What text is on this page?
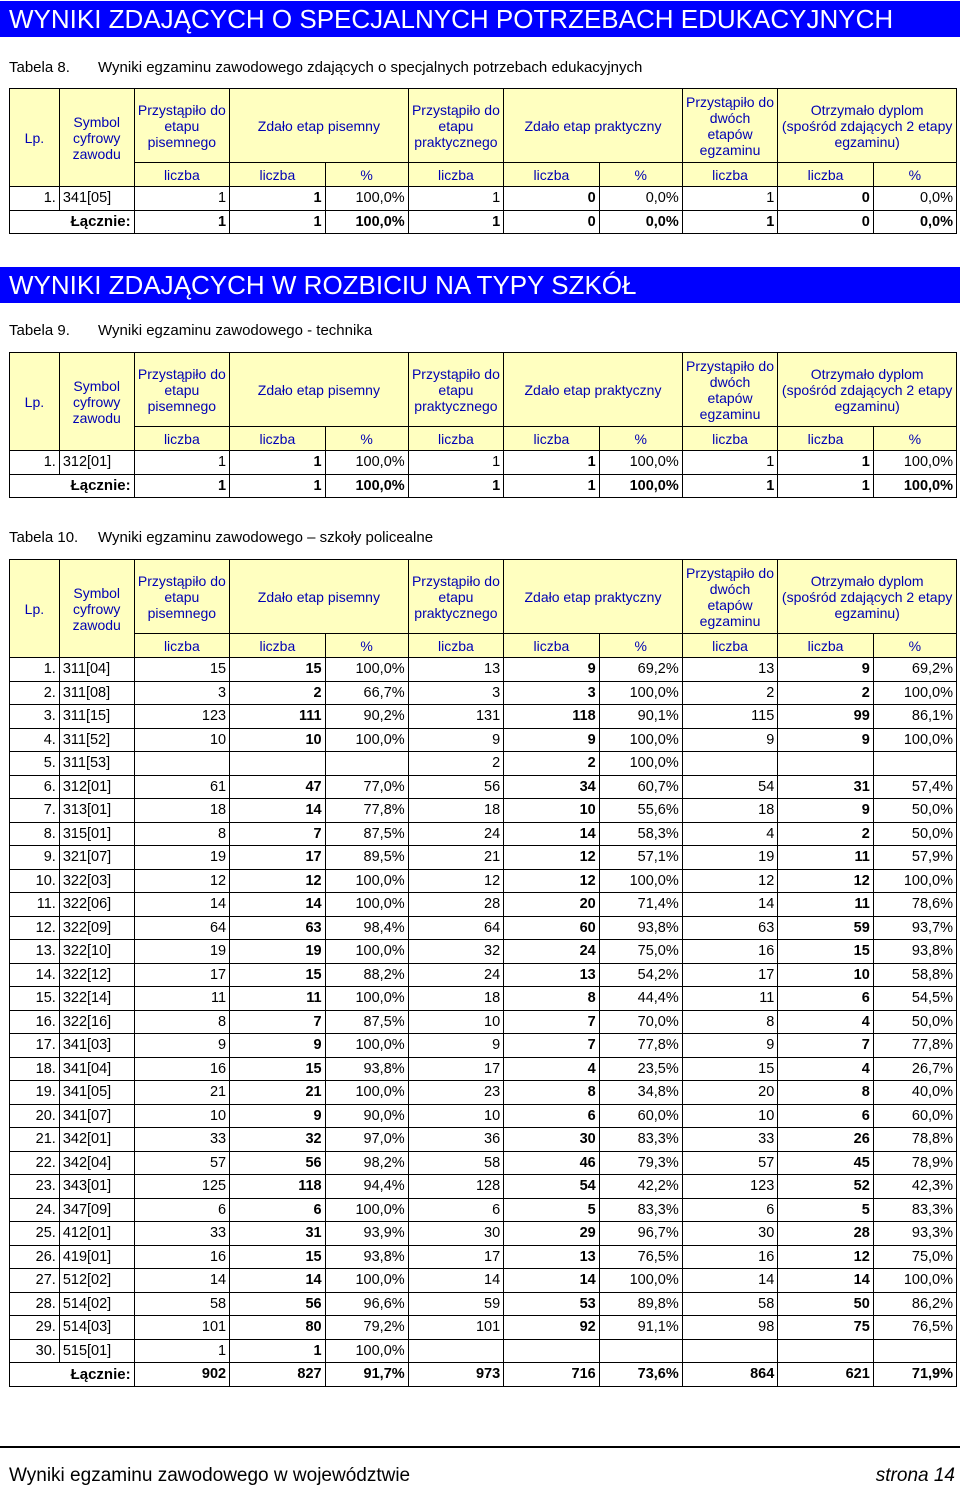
WYNIKI ZDAJĄCYCH O SPECJALNYCH POTRZEBACH EDUKACYJNYCH
Tabela 8. Wyniki egzaminu zawodowego zdających o specjalnych potrzebach edukacyjnych
Lp.	Symbol cyfrowy zawodu	Przystąpiło do etapu pisemnego	Zdało etap pisemny		Przystąpiło do etapu praktycznego	Zdało etap praktyczny		Przystąpiło do dwóch etapów egzaminu	Otrzymało dyplom
(spośród zdających 2 etapy egzaminu)	

		liczba	liczba	%	liczba	liczba	%	liczba	liczba	%
1.	341[05]	1	1	100,0%	1	0	0,0%	1	0	0,0%
Łącznie:		1	1	100,0%	1	0	0,0%	1	0	0,0%
WYNIKI ZDAJĄCYCH W ROZBICIU NA TYPY SZKÓŁ
Tabela 9. Wyniki egzaminu zawodowego - technika
Lp.	Symbol cyfrowy zawodu	Przystąpiło do etapu pisemnego	Zdało etap pisemny		Przystąpiło do etapu praktycznego	Zdało etap praktyczny		Przystąpiło do dwóch etapów egzaminu	Otrzymało dyplom
(spośród zdających 2 etapy egzaminu)	

		liczba	liczba	%	liczba	liczba	%	liczba	liczba	%
1.	312[01]	1	1	100,0%	1	1	100,0%	1	1	100,0%
Łącznie:		1	1	100,0%	1	1	100,0%	1	1	100,0%
Tabela 10. Wyniki egzaminu zawodowego – szkoły policealne
Lp.	Symbol cyfrowy zawodu	Przystąpiło do etapu pisemnego	Zdało etap pisemny		Przystąpiło do etapu praktycznego	Zdało etap praktyczny		Przystąpiło do dwóch etapów egzaminu	Otrzymało dyplom
(spośród zdających 2 etapy egzaminu)	

		liczba	liczba	%	liczba	liczba	%	liczba	liczba	%
1.	311[04]	15	15	100,0%	13	9	69,2%	13	9	69,2%
2.	311[08]	3	2	66,7%	3	3	100,0%	2	2	100,0%
3.	311[15]	123	111	90,2%	131	118	90,1%	115	99	86,1%
4.	311[52]	10	10	100,0%	9	9	100,0%	9	9	100,0%
5.	311[53]				2	2	100,0%			
6.	312[01]	61	47	77,0%	56	34	60,7%	54	31	57,4%
7.	313[01]	18	14	77,8%	18	10	55,6%	18	9	50,0%
8.	315[01]	8	7	87,5%	24	14	58,3%	4	2	50,0%
9.	321[07]	19	17	89,5%	21	12	57,1%	19	11	57,9%
10.	322[03]	12	12	100,0%	12	12	100,0%	12	12	100,0%
11.	322[06]	14	14	100,0%	28	20	71,4%	14	11	78,6%
12.	322[09]	64	63	98,4%	64	60	93,8%	63	59	93,7%
13.	322[10]	19	19	100,0%	32	24	75,0%	16	15	93,8%
14.	322[12]	17	15	88,2%	24	13	54,2%	17	10	58,8%
15.	322[14]	11	11	100,0%	18	8	44,4%	11	6	54,5%
16.	322[16]	8	7	87,5%	10	7	70,0%	8	4	50,0%
17.	341[03]	9	9	100,0%	9	7	77,8%	9	7	77,8%
18.	341[04]	16	15	93,8%	17	4	23,5%	15	4	26,7%
19.	341[05]	21	21	100,0%	23	8	34,8%	20	8	40,0%
20.	341[07]	10	9	90,0%	10	6	60,0%	10	6	60,0%
21.	342[01]	33	32	97,0%	36	30	83,3%	33	26	78,8%
22.	342[04]	57	56	98,2%	58	46	79,3%	57	45	78,9%
23.	343[01]	125	118	94,4%	128	54	42,2%	123	52	42,3%
24.	347[09]	6	6	100,0%	6	5	83,3%	6	5	83,3%
25.	412[01]	33	31	93,9%	30	29	96,7%	30	28	93,3%
26.	419[01]	16	15	93,8%	17	13	76,5%	16	12	75,0%
27.	512[02]	14	14	100,0%	14	14	100,0%	14	14	100,0%
28.	514[02]	58	56	96,6%	59	53	89,8%	58	50	86,2%
29.	514[03]	101	80	79,2%	101	92	91,1%	98	75	76,5%
30.	515[01]	1	1	100,0%						
Łącznie:		902	827	91,7%	973	716	73,6%	864	621	71,9%
Wyniki egzaminu zawodowego w województwie	strona 14
